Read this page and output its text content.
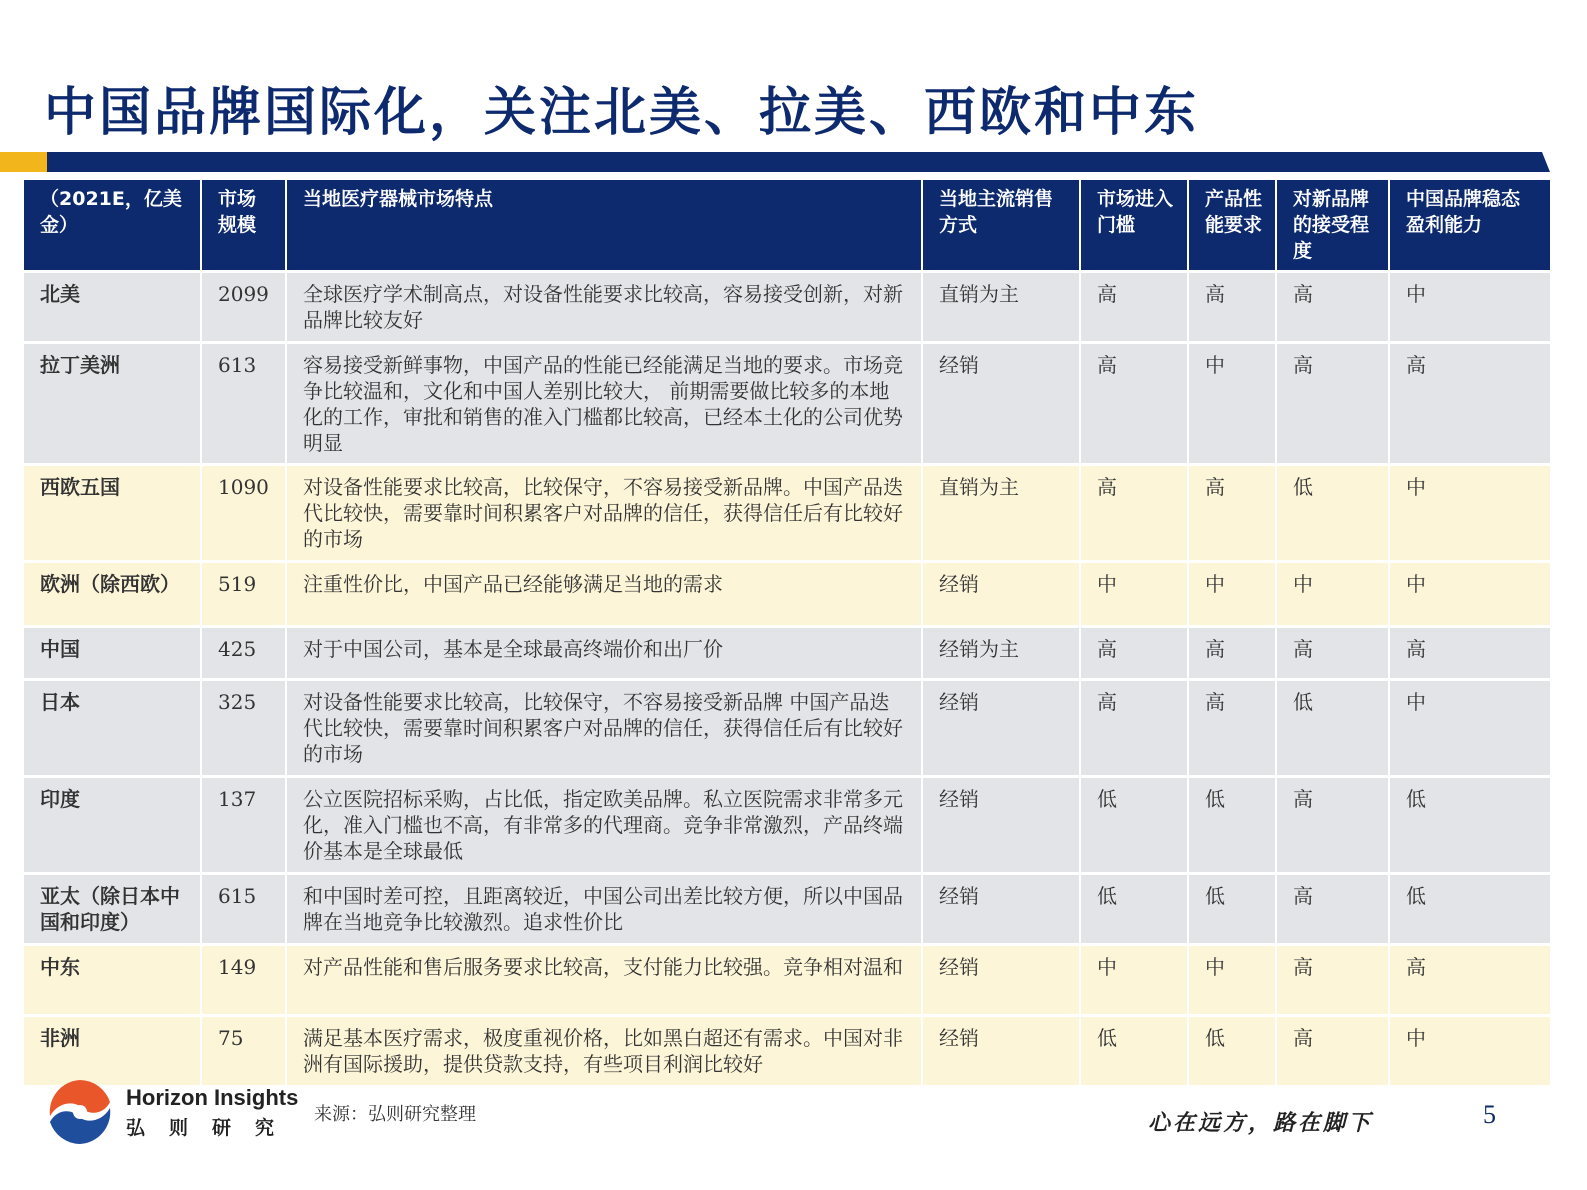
中国品牌国际化，关注北美、拉美、西欧和中东
（2021E，亿美金）	市场规模	当地医疗器械市场特点	当地主流销售方式	市场进入门槛	产品性能要求	对新品牌的接受程度	中国品牌稳态盈利能力
北美	2099	全球医疗学术制高点，对设备性能要求比较高，容易接受创新，对新品牌比较友好	直销为主	高	高	高	中
拉丁美洲	613	容易接受新鲜事物，中国产品的性能已经能满足当地的要求。市场竞争比较温和，文化和中国人差别比较大， 前期需要做比较多的本地化的工作，审批和销售的准入门槛都比较高，已经本土化的公司优势明显	经销	高	中	高	高
西欧五国	1090	对设备性能要求比较高，比较保守，不容易接受新品牌。中国产品迭代比较快，需要靠时间积累客户对品牌的信任，获得信任后有比较好的市场	直销为主	高	高	低	中
欧洲（除西欧）	519	注重性价比，中国产品已经能够满足当地的需求	经销	中	中	中	中
中国	425	对于中国公司，基本是全球最高终端价和出厂价	经销为主	高	高	高	高
日本	325	对设备性能要求比较高，比较保守，不容易接受新品牌 中国产品迭代比较快，需要靠时间积累客户对品牌的信任，获得信任后有比较好的市场	经销	高	高	低	中
印度	137	公立医院招标采购，占比低，指定欧美品牌。私立医院需求非常多元化，准入门槛也不高，有非常多的代理商。竞争非常激烈，产品终端价基本是全球最低	经销	低	低	高	低
亚太（除日本中国和印度）	615	和中国时差可控，且距离较近，中国公司出差比较方便，所以中国品牌在当地竞争比较激烈。追求性价比	经销	低	低	高	低
中东	149	对产品性能和售后服务要求比较高，支付能力比较强。竞争相对温和	经销	中	中	高	高
非洲	75	满足基本医疗需求，极度重视价格，比如黑白超还有需求。中国对非洲有国际援助，提供贷款支持，有些项目利润比较好	经销	低	低	高	中
Horizon Insights
弘则研究
来源：弘则研究整理	心在远方，路在脚下	5
